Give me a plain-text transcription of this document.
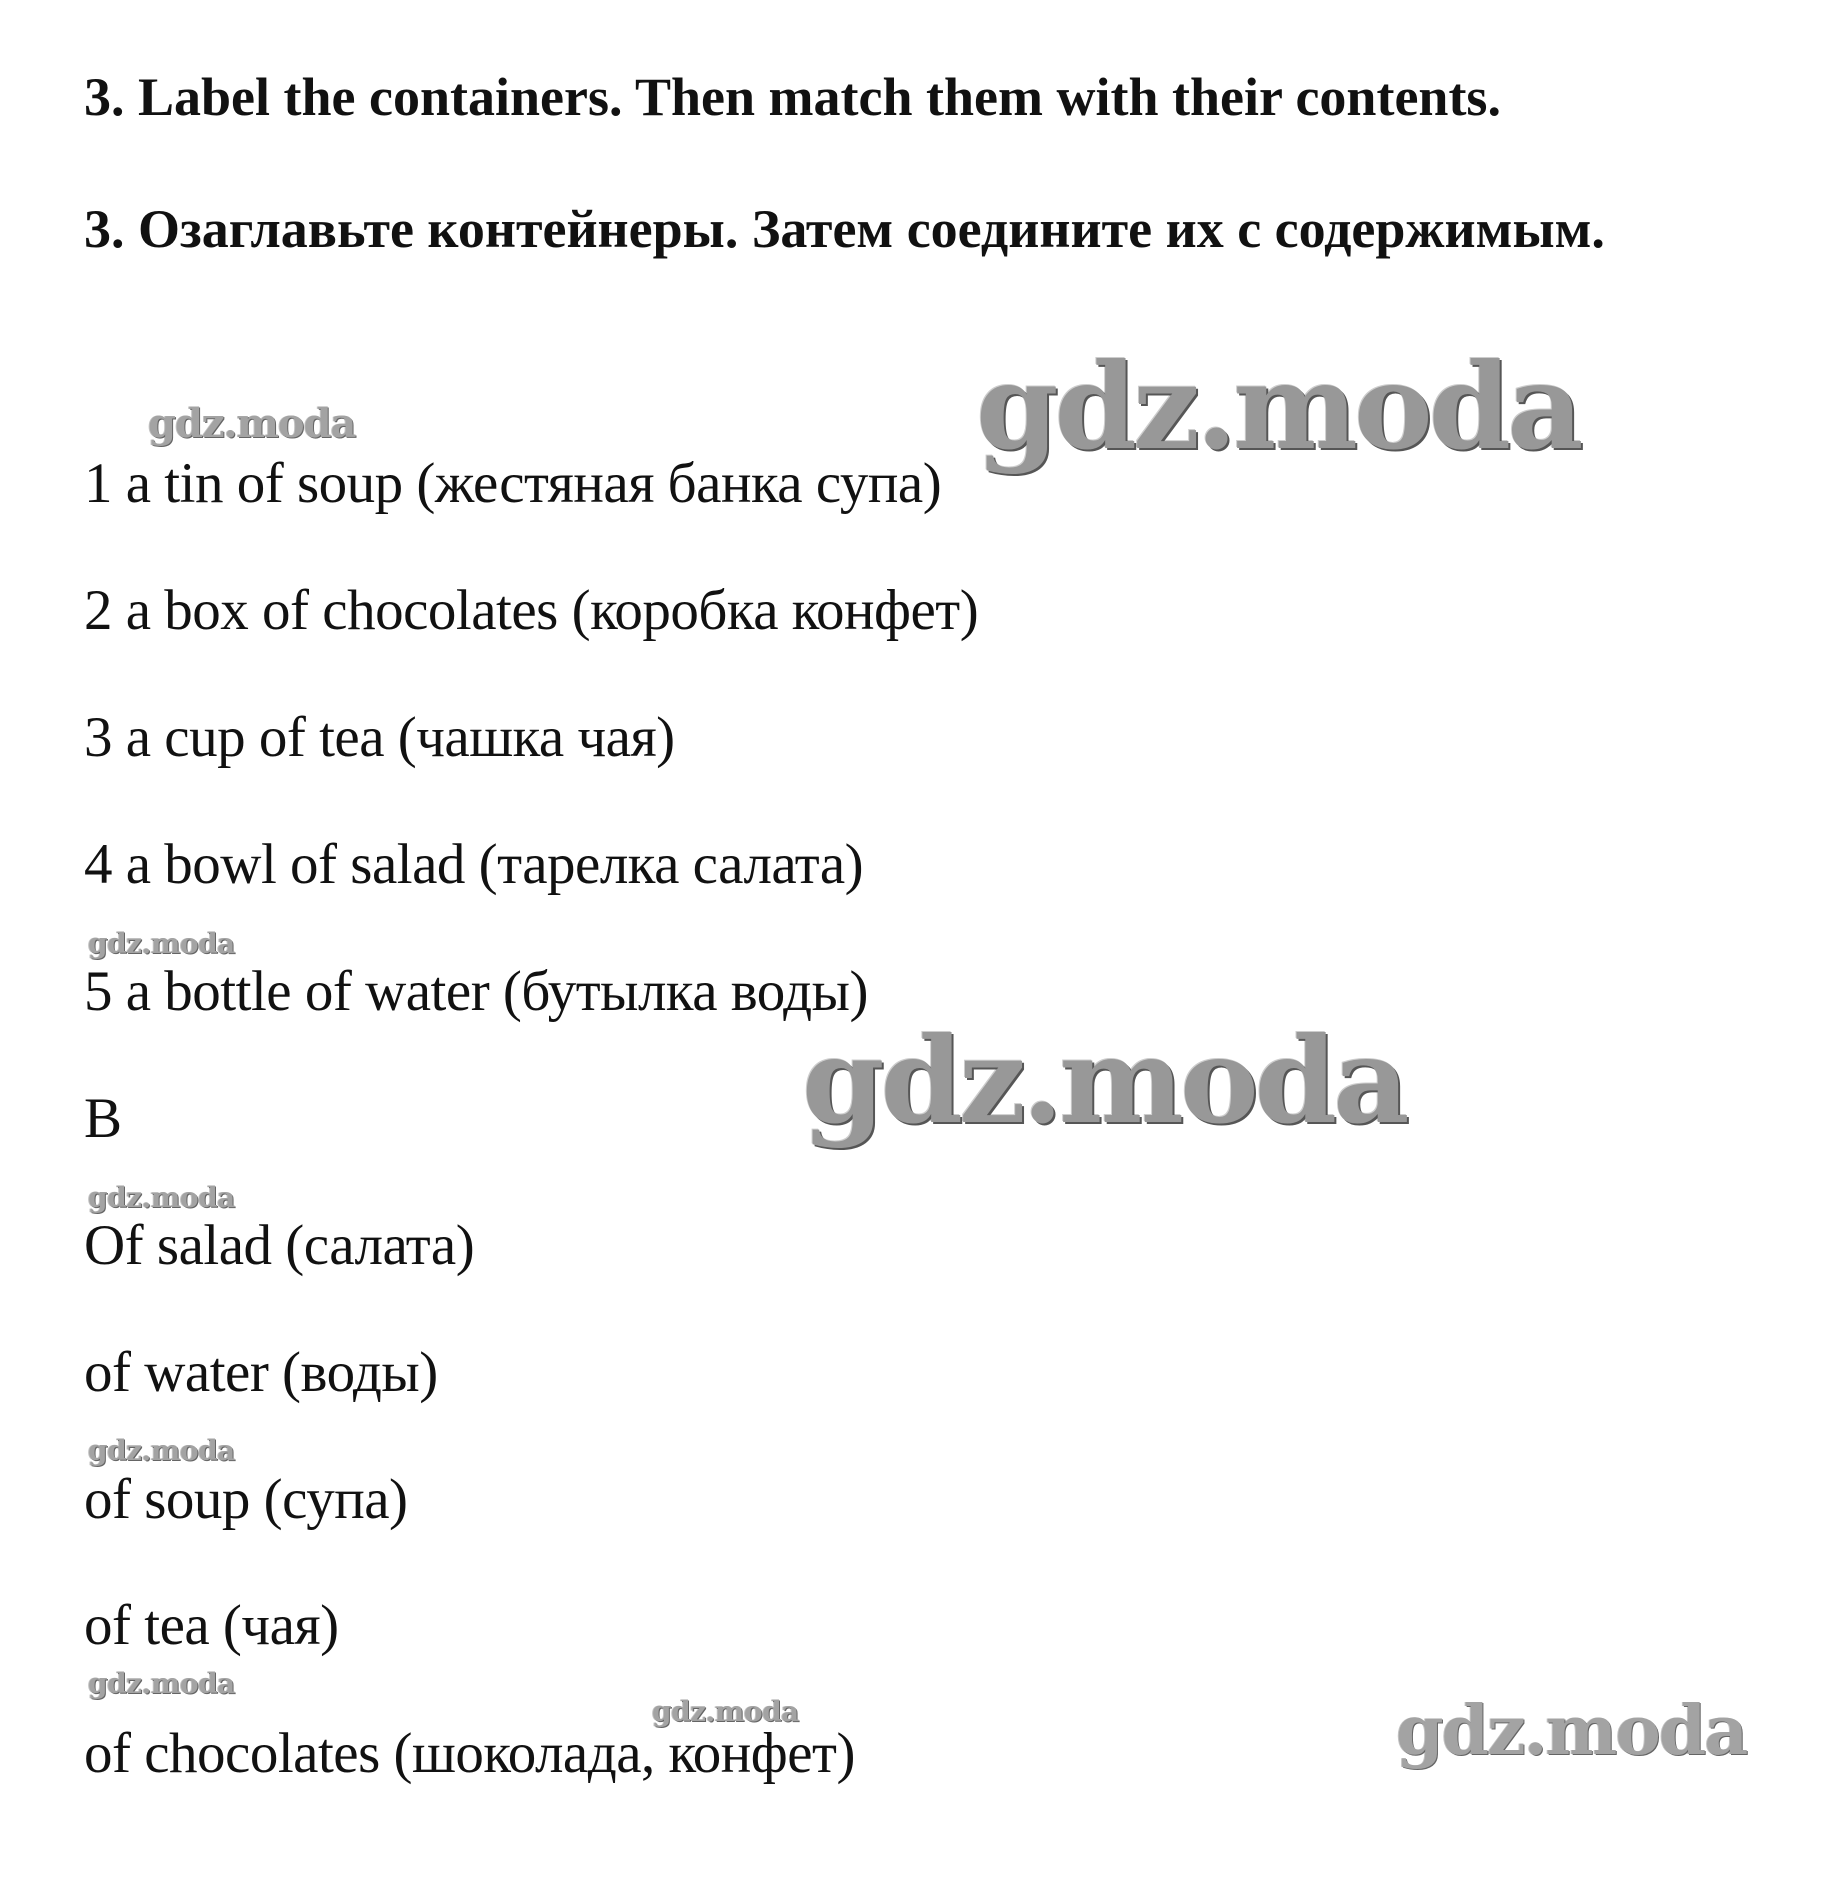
3. Label the containers. Then match them with their contents.

3. Озаглавьте контейнеры. Затем соедините их с содержимым.

gdz.moda

gdz.moda

1 a tin of soup (жестяная банка супа)

2 a box of chocolates (коробка конфет)

3 a cup of tea (чашка чая)

4 a bowl of salad (тарелка салата)

gdz.moda

5 a bottle of water (бутылка воды)

gdz.moda

B

gdz.moda

Of salad (салата)

of water (воды)

gdz.moda

of soup (супа)

of tea (чая)

gdz.moda

gdz.moda

of chocolates (шоколада, конфет)	gdz.moda
